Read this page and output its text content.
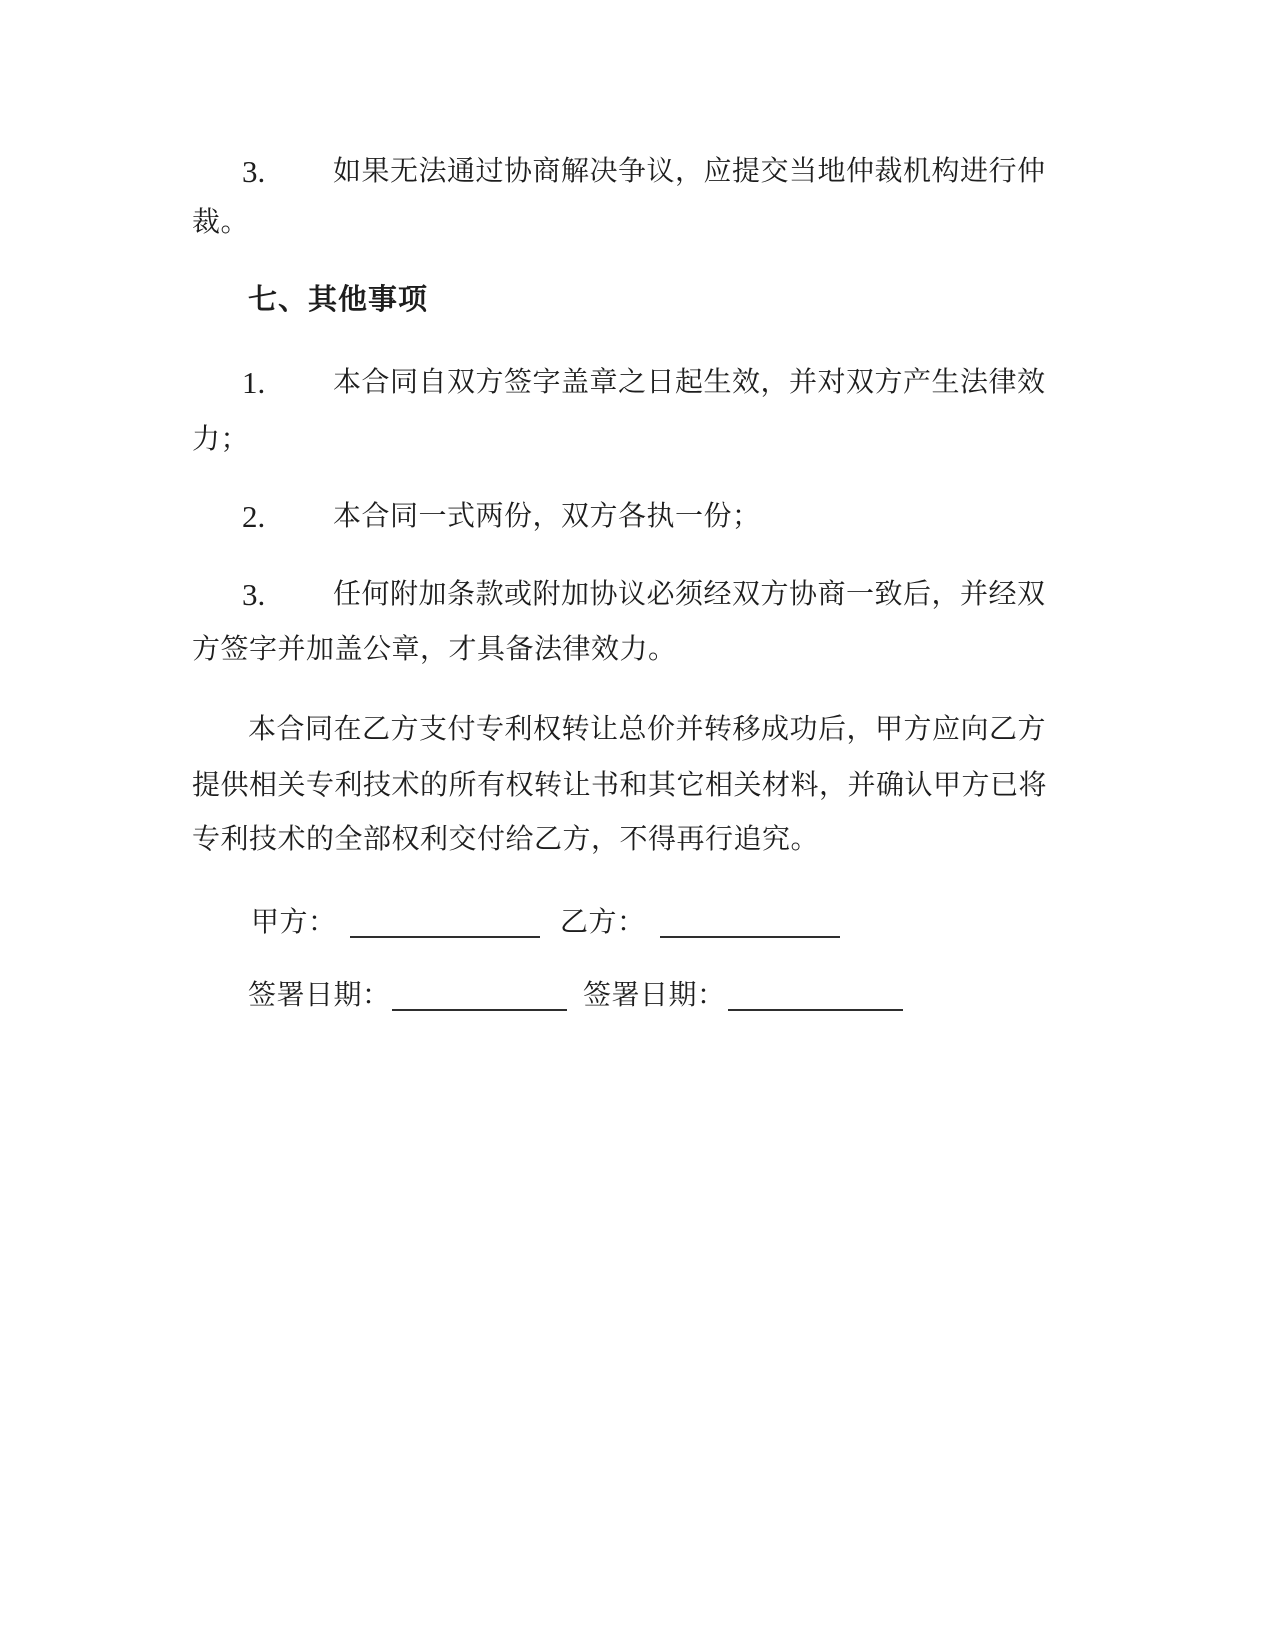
3. 如果无法通过协商解决争议，应提交当地仲裁机构进行仲
裁。
七、其他事项
1. 本合同自双方签字盖章之日起生效，并对双方产生法律效
力；
2. 本合同一式两份，双方各执一份；
3. 任何附加条款或附加协议必须经双方协商一致后，并经双
方签字并加盖公章，才具备法律效力。
本合同在乙方支付专利权转让总价并转移成功后，甲方应向乙方
提供相关专利技术的所有权转让书和其它相关材料，并确认甲方已将
专利技术的全部权利交付给乙方，不得再行追究。
甲方：	乙方：
签署日期：	签署日期：
